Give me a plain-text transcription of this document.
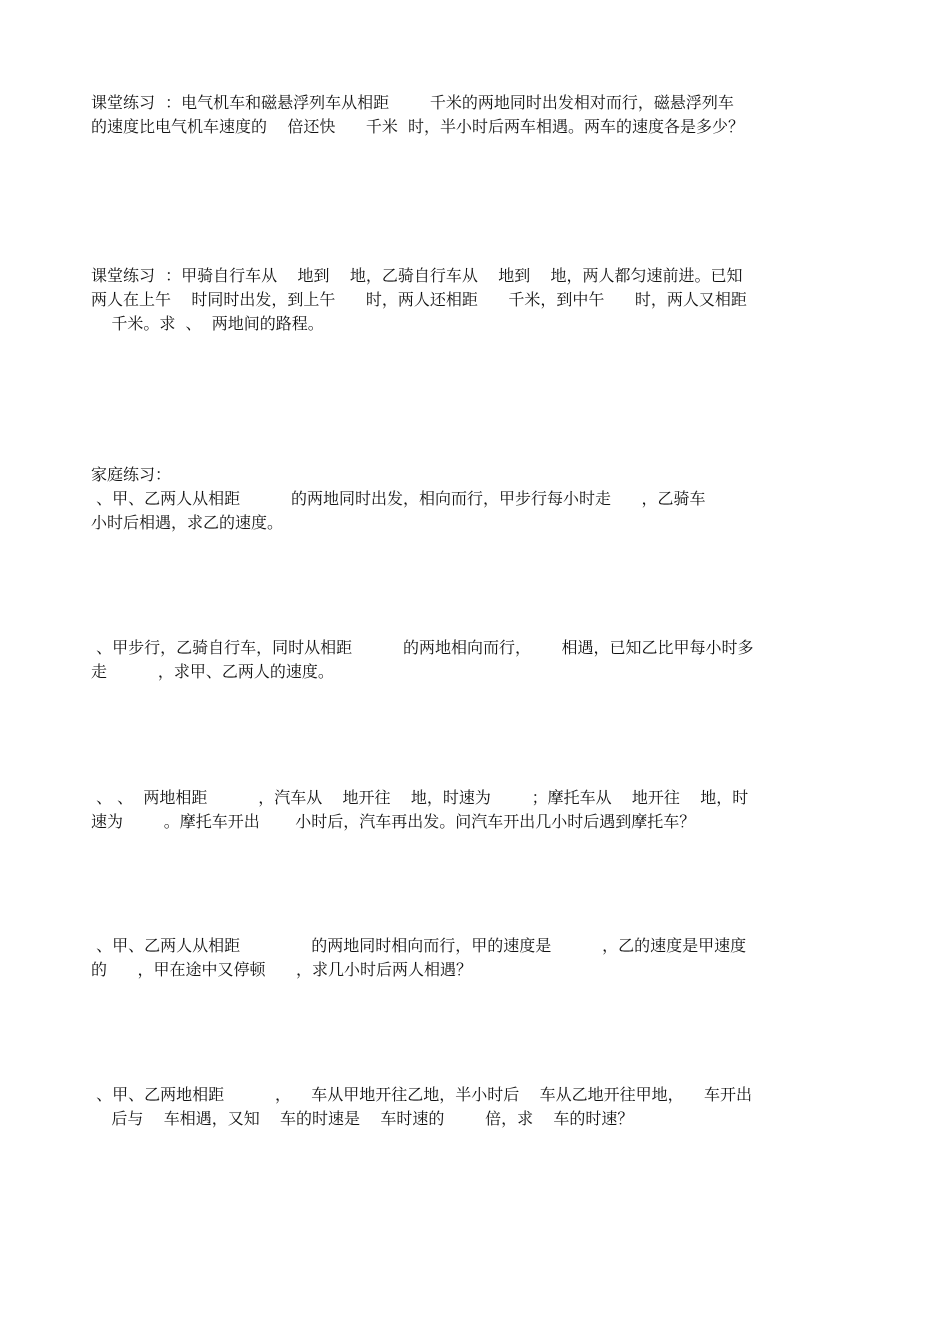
课堂练习  ：电气机车和磁悬浮列车从相距        千米的两地同时出发相对而行，磁悬浮列车
的速度比电气机车速度的    倍还快      千米  时，半小时后两车相遇。两车的速度各是多少？
课堂练习  ：甲骑自行车从    地到    地，乙骑自行车从    地到    地，两人都匀速前进。已知
两人在上午    时同时出发，到上午      时，两人还相距      千米，到中午      时，两人又相距
千米。求  、  两地间的路程。
家庭练习：
、甲、乙两人从相距          的两地同时出发，相向而行，甲步行每小时走      ，乙骑车
小时后相遇，求乙的速度。
、甲步行，乙骑自行车，同时从相距          的两地相向而行，      相遇，已知乙比甲每小时多
走          ，求甲、乙两人的速度。
、 、  两地相距          ，汽车从    地开往    地，时速为        ；摩托车从    地开往    地，时
速为        。摩托车开出       小时后，汽车再出发。问汽车开出几小时后遇到摩托车？
、甲、乙两人从相距              的两地同时相向而行，甲的速度是          ，乙的速度是甲速度
的      ，甲在途中又停顿      ，求几小时后两人相遇？
、甲、乙两地相距          ，    车从甲地开往乙地，半小时后    车从乙地开往甲地，    车开出
后与    车相遇，又知    车的时速是    车时速的        倍，求    车的时速？
